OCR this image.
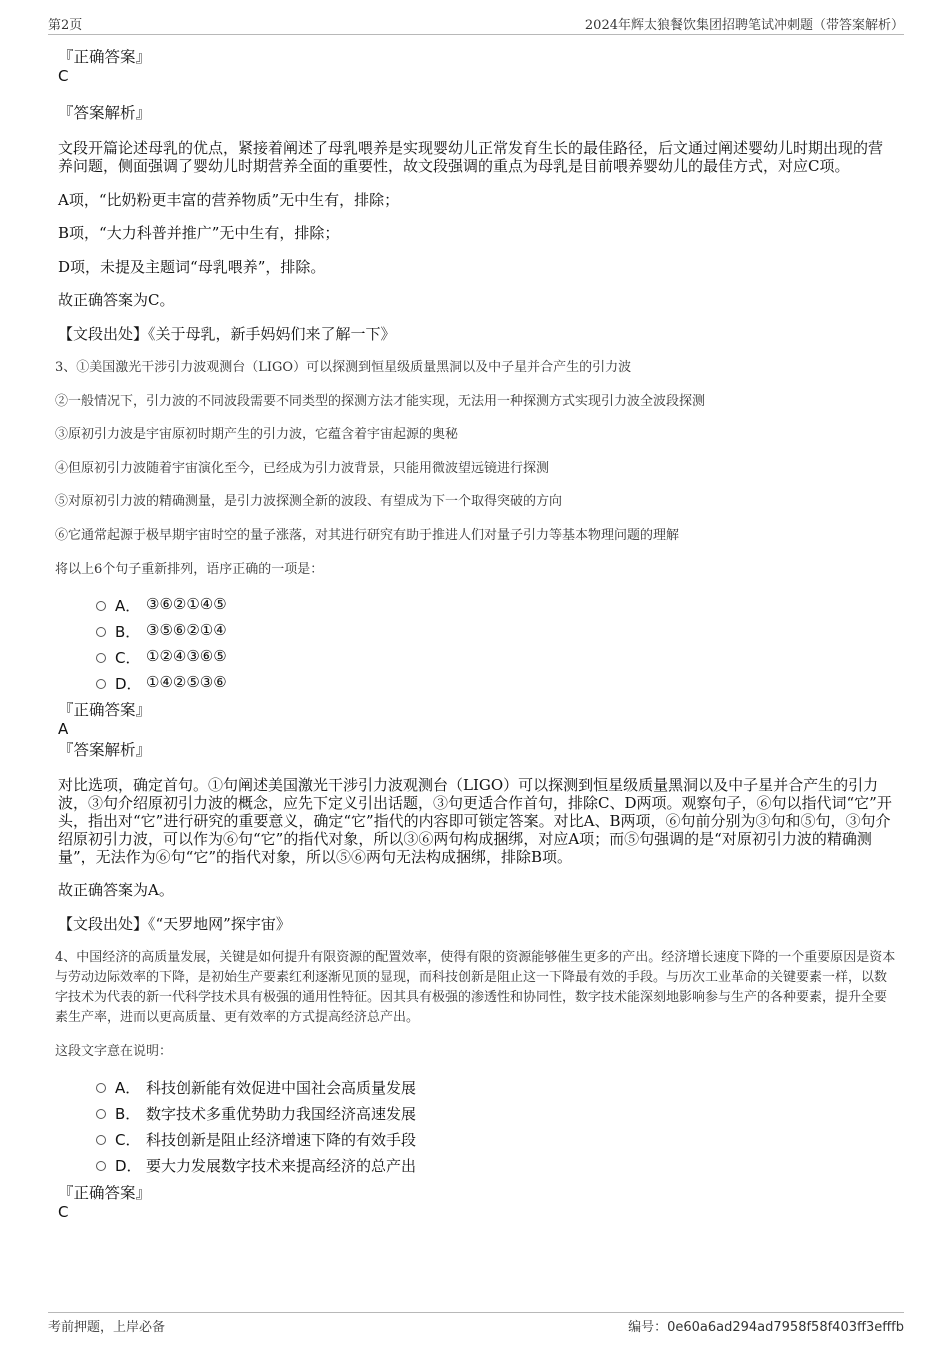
第2页	2024年辉太狼餐饮集团招聘笔试冲刺题（带答案解析）
『正确答案』
C
『答案解析』

文段开篇论述母乳的优点，紧接着阐述了母乳喂养是实现婴幼儿正常发育生长的最佳路径，后文通过阐述婴幼儿时期出现的营养问题，侧面强调了婴幼儿时期营养全面的重要性，故文段强调的重点为母乳是目前喂养婴幼儿的最佳方式，对应C项。

A项，“比奶粉更丰富的营养物质”无中生有，排除；

B项，“大力科普并推广”无中生有，排除；

D项，未提及主题词“母乳喂养”，排除。

故正确答案为C。

【文段出处】《关于母乳，新手妈妈们来了解一下》

3、①美国激光干涉引力波观测台（LIGO）可以探测到恒星级质量黑洞以及中子星并合产生的引力波

②一般情况下，引力波的不同波段需要不同类型的探测方法才能实现，无法用一种探测方式实现引力波全波段探测

③原初引力波是宇宙原初时期产生的引力波，它蕴含着宇宙起源的奥秘

④但原初引力波随着宇宙演化至今，已经成为引力波背景，只能用微波望远镜进行探测

⑤对原初引力波的精确测量，是引力波探测全新的波段、有望成为下一个取得突破的方向

⑥它通常起源于极早期宇宙时空的量子涨落，对其进行研究有助于推进人们对量子引力等基本物理问题的理解

将以上6个句子重新排列，语序正确的一项是：

A． ③⑥②①④⑤
B． ③⑤⑥②①④
C． ①②④③⑥⑤
D． ①④②⑤③⑥
『正确答案』
A
『答案解析』

对比选项，确定首句。①句阐述美国激光干涉引力波观测台（LIGO）可以探测到恒星级质量黑洞以及中子星并合产生的引力波，③句介绍原初引力波的概念，应先下定义引出话题，③句更适合作首句，排除C、D两项。观察句子，⑥句以指代词“它”开头，指出对“它”进行研究的重要意义，确定“它”指代的内容即可锁定答案。对比A、B两项，⑥句前分别为③句和⑤句，③句介绍原初引力波，可以作为⑥句“它”的指代对象，所以③⑥两句构成捆绑，对应A项；而⑤句强调的是“对原初引力波的精确测量”，无法作为⑥句“它”的指代对象，所以⑤⑥两句无法构成捆绑，排除B项。

故正确答案为A。

【文段出处】《“天罗地网”探宇宙》

4、中国经济的高质量发展，关键是如何提升有限资源的配置效率，使得有限的资源能够催生更多的产出。经济增长速度下降的一个重要原因是资本与劳动边际效率的下降，是初始生产要素红利逐渐见顶的显现，而科技创新是阻止这一下降最有效的手段。与历次工业革命的关键要素一样，以数字技术为代表的新一代科学技术具有极强的通用性特征。因其具有极强的渗透性和协同性，数字技术能深刻地影响参与生产的各种要素，提升全要素生产率，进而以更高质量、更有效率的方式提高经济总产出。

这段文字意在说明：

A． 科技创新能有效促进中国社会高质量发展
B． 数字技术多重优势助力我国经济高速发展
C． 科技创新是阻止经济增速下降的有效手段
D． 要大力发展数字技术来提高经济的总产出
『正确答案』
C
考前押题，上岸必备	编号：0e60a6ad294ad7958f58f403ff3efffb
